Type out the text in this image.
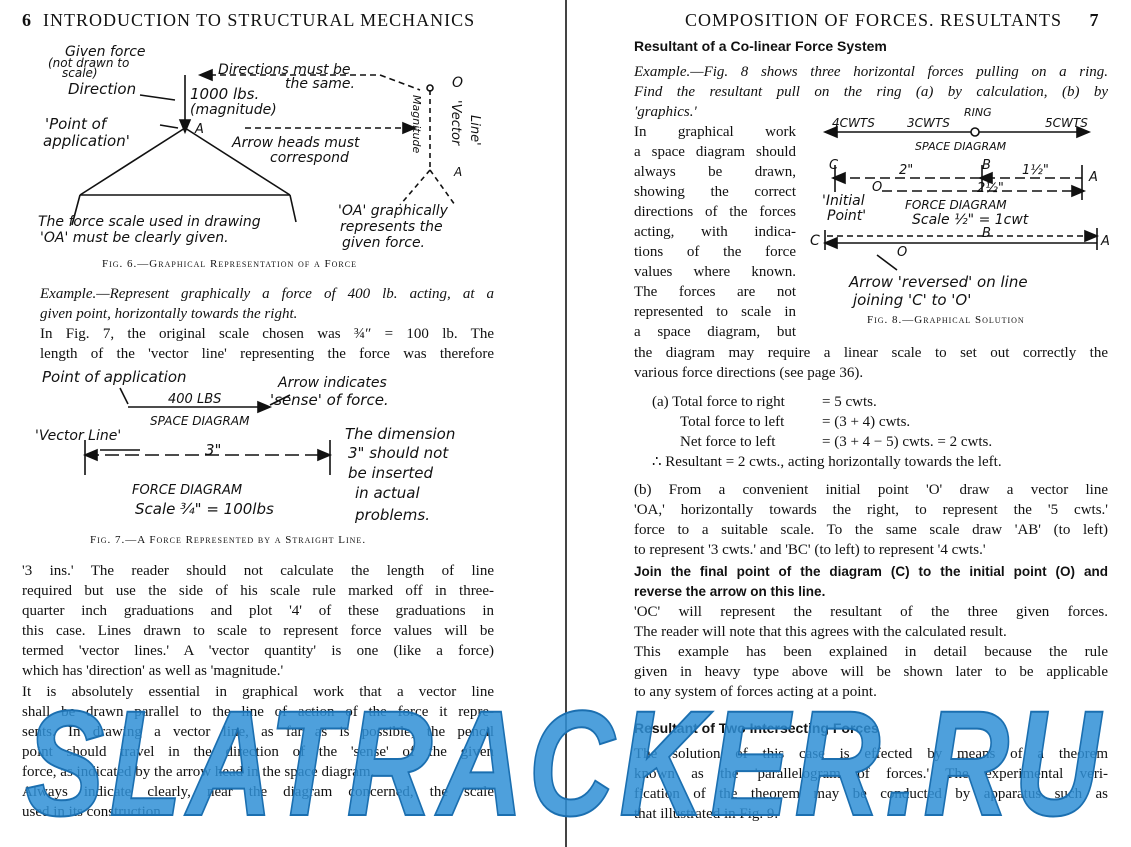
6 INTRODUCTION TO STRUCTURAL MECHANICS
Given force
(not drawn to
scale)
Direction
'Point of
application'
Directions must be
the same.
1000 lbs.
(magnitude)
A
Arrow heads must
correspond
O
A
Magnitude 'Vector Line'
The force scale used in drawing
'OA' must be clearly given.
'OA' graphically
represents the
given force.
Fig. 6.—Graphical Representation of a Force
Example.—Represent graphically a force of 400 lb. acting, at a
given point, horizontally towards the right.
In Fig. 7, the original scale chosen was ¾″ = 100 lb. The
length of the 'vector line' representing the force was therefore
Point of application	Arrow indicates
'sense' of force.
400 LBS
SPACE DIAGRAM
'Vector Line'
3"
The dimension
3" should not
be inserted
in actual
problems.
FORCE DIAGRAM
Scale ¾" = 100lbs
Fig. 7.—A Force Represented by a Straight Line.
'3 ins.' The reader should not calculate the length of line
required but use the side of his scale rule marked off in three-
quarter inch graduations and plot '4' of these graduations in
this case. Lines drawn to scale to represent force values will be
termed 'vector lines.' A 'vector quantity' is one (like a force)
which has 'direction' as well as 'magnitude.'
It is absolutely essential in graphical work that a vector line
shall be drawn parallel to the line of action of the force it repre-
sents. In drawing a vector line, as far as is possible, the pencil
point should travel in the direction of the 'sense' of the given
force, as indicated by the arrow head in the space diagram.
Always indicate clearly, near the diagram concerned, the scale
used in its construction.
COMPOSITION OF FORCES. RESULTANTS 7
Resultant of a Co-linear Force System
Example.—Fig. 8 shows three horizontal forces pulling on a ring.
Find the resultant pull on the ring (a) by calculation, (b) by
'graphics.'
In graphical work
a space diagram should
always be drawn,
showing the correct
directions of the forces
acting, with indica-
tions of the force
values where known.
The forces are not
represented to scale in
a space diagram, but
4CWTS	3CWTS
RING
5CWTS
SPACE DIAGRAM
C	2"	B 1½"
O	2½"
A
'Initial
Point'
FORCE DIAGRAM
Scale ½" = 1cwt
C	B
O
A
Arrow 'reversed' on line
joining 'C' to 'O'
Fig. 8.—Graphical Solution
the diagram may require a linear scale to set out correctly the
various force directions (see page 36).
(a) Total force to right = 5 cwts.
Total force to left	= (3 + 4) cwts.
Net force to left	= (3 + 4 − 5) cwts. = 2 cwts.
∴ Resultant = 2 cwts., acting horizontally towards the left.
(b) From a convenient initial point 'O' draw a vector line
'OA,' horizontally towards the right, to represent the '5 cwts.'
force to a suitable scale. To the same scale draw 'AB' (to left)
to represent '3 cwts.' and 'BC' (to left) to represent '4 cwts.'
Join the final point of the diagram (C) to the initial point (O) and
reverse the arrow on this line.
'OC' will represent the resultant of the three given forces.
The reader will note that this agrees with the calculated result.
This example has been explained in detail because the rule
given in heavy type above will be shown later to be applicable
to any system of forces acting at a point.
Resultant of Two Intersecting Forces
The solution of this case is effected by means of a theorem
known as the 'parallelogram of forces.' The experimental veri-
fication of the theorem may be conducted by apparatus such as
that illustrated in Fig. 9.
SLATRACKER.RU
